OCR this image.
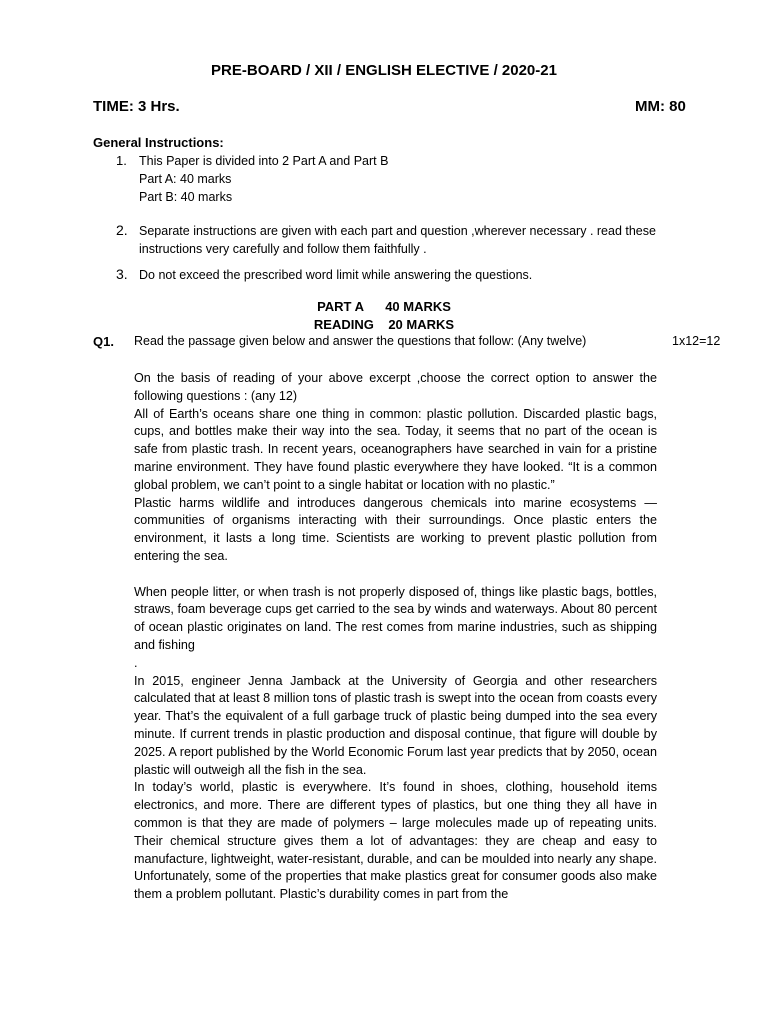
PRE-BOARD / XII / ENGLISH ELECTIVE / 2020-21
TIME: 3 Hrs.	MM: 80
General Instructions:
1. This Paper is divided into 2 Part A and Part B
Part A: 40 marks
Part B: 40 marks
2. Separate instructions are given with each part and question ,wherever necessary . read these instructions very carefully and follow them faithfully .
3. Do not exceed the prescribed word limit while answering the questions.
PART A      40 MARKS
READING    20 MARKS
Q1. Read the passage given below and answer the questions that follow: (Any twelve)	1x12=12

On the basis of reading of your above excerpt ,choose the correct option to answer the following questions : (any 12)

All of Earth’s oceans share one thing in common: plastic pollution. Discarded plastic bags, cups, and bottles make their way into the sea. Today, it seems that no part of the ocean is safe from plastic trash. In recent years, oceanographers have searched in vain for a pristine marine environment. They have found plastic everywhere they have looked. “It is a common global problem, we can’t point to a single habitat or location with no plastic.”

Plastic harms wildlife and introduces dangerous chemicals into marine ecosystems — communities of organisms interacting with their surroundings. Once plastic enters the environment, it lasts a long time. Scientists are working to prevent plastic pollution from entering the sea.

When people litter, or when trash is not properly disposed of, things like plastic bags, bottles, straws, foam beverage cups get carried to the sea by winds and waterways. About 80 percent of ocean plastic originates on land. The rest comes from marine industries, such as shipping and fishing

.

In 2015, engineer Jenna Jamback at the University of Georgia and other researchers calculated that at least 8 million tons of plastic trash is swept into the ocean from coasts every year. That’s the equivalent of a full garbage truck of plastic being dumped into the sea every minute. If current trends in plastic production and disposal continue, that figure will double by 2025. A report published by the World Economic Forum last year predicts that by 2050, ocean plastic will outweigh all the fish in the sea.

In today’s world, plastic is everywhere. It’s found in shoes, clothing, household items electronics, and more. There are different types of plastics, but one thing they all have in common is that they are made of polymers – large molecules made up of repeating units. Their chemical structure gives them a lot of advantages: they are cheap and easy to manufacture, lightweight, water-resistant, durable, and can be moulded into nearly any shape.

Unfortunately, some of the properties that make plastics great for consumer goods also make them a problem pollutant. Plastic’s durability comes in part from the
